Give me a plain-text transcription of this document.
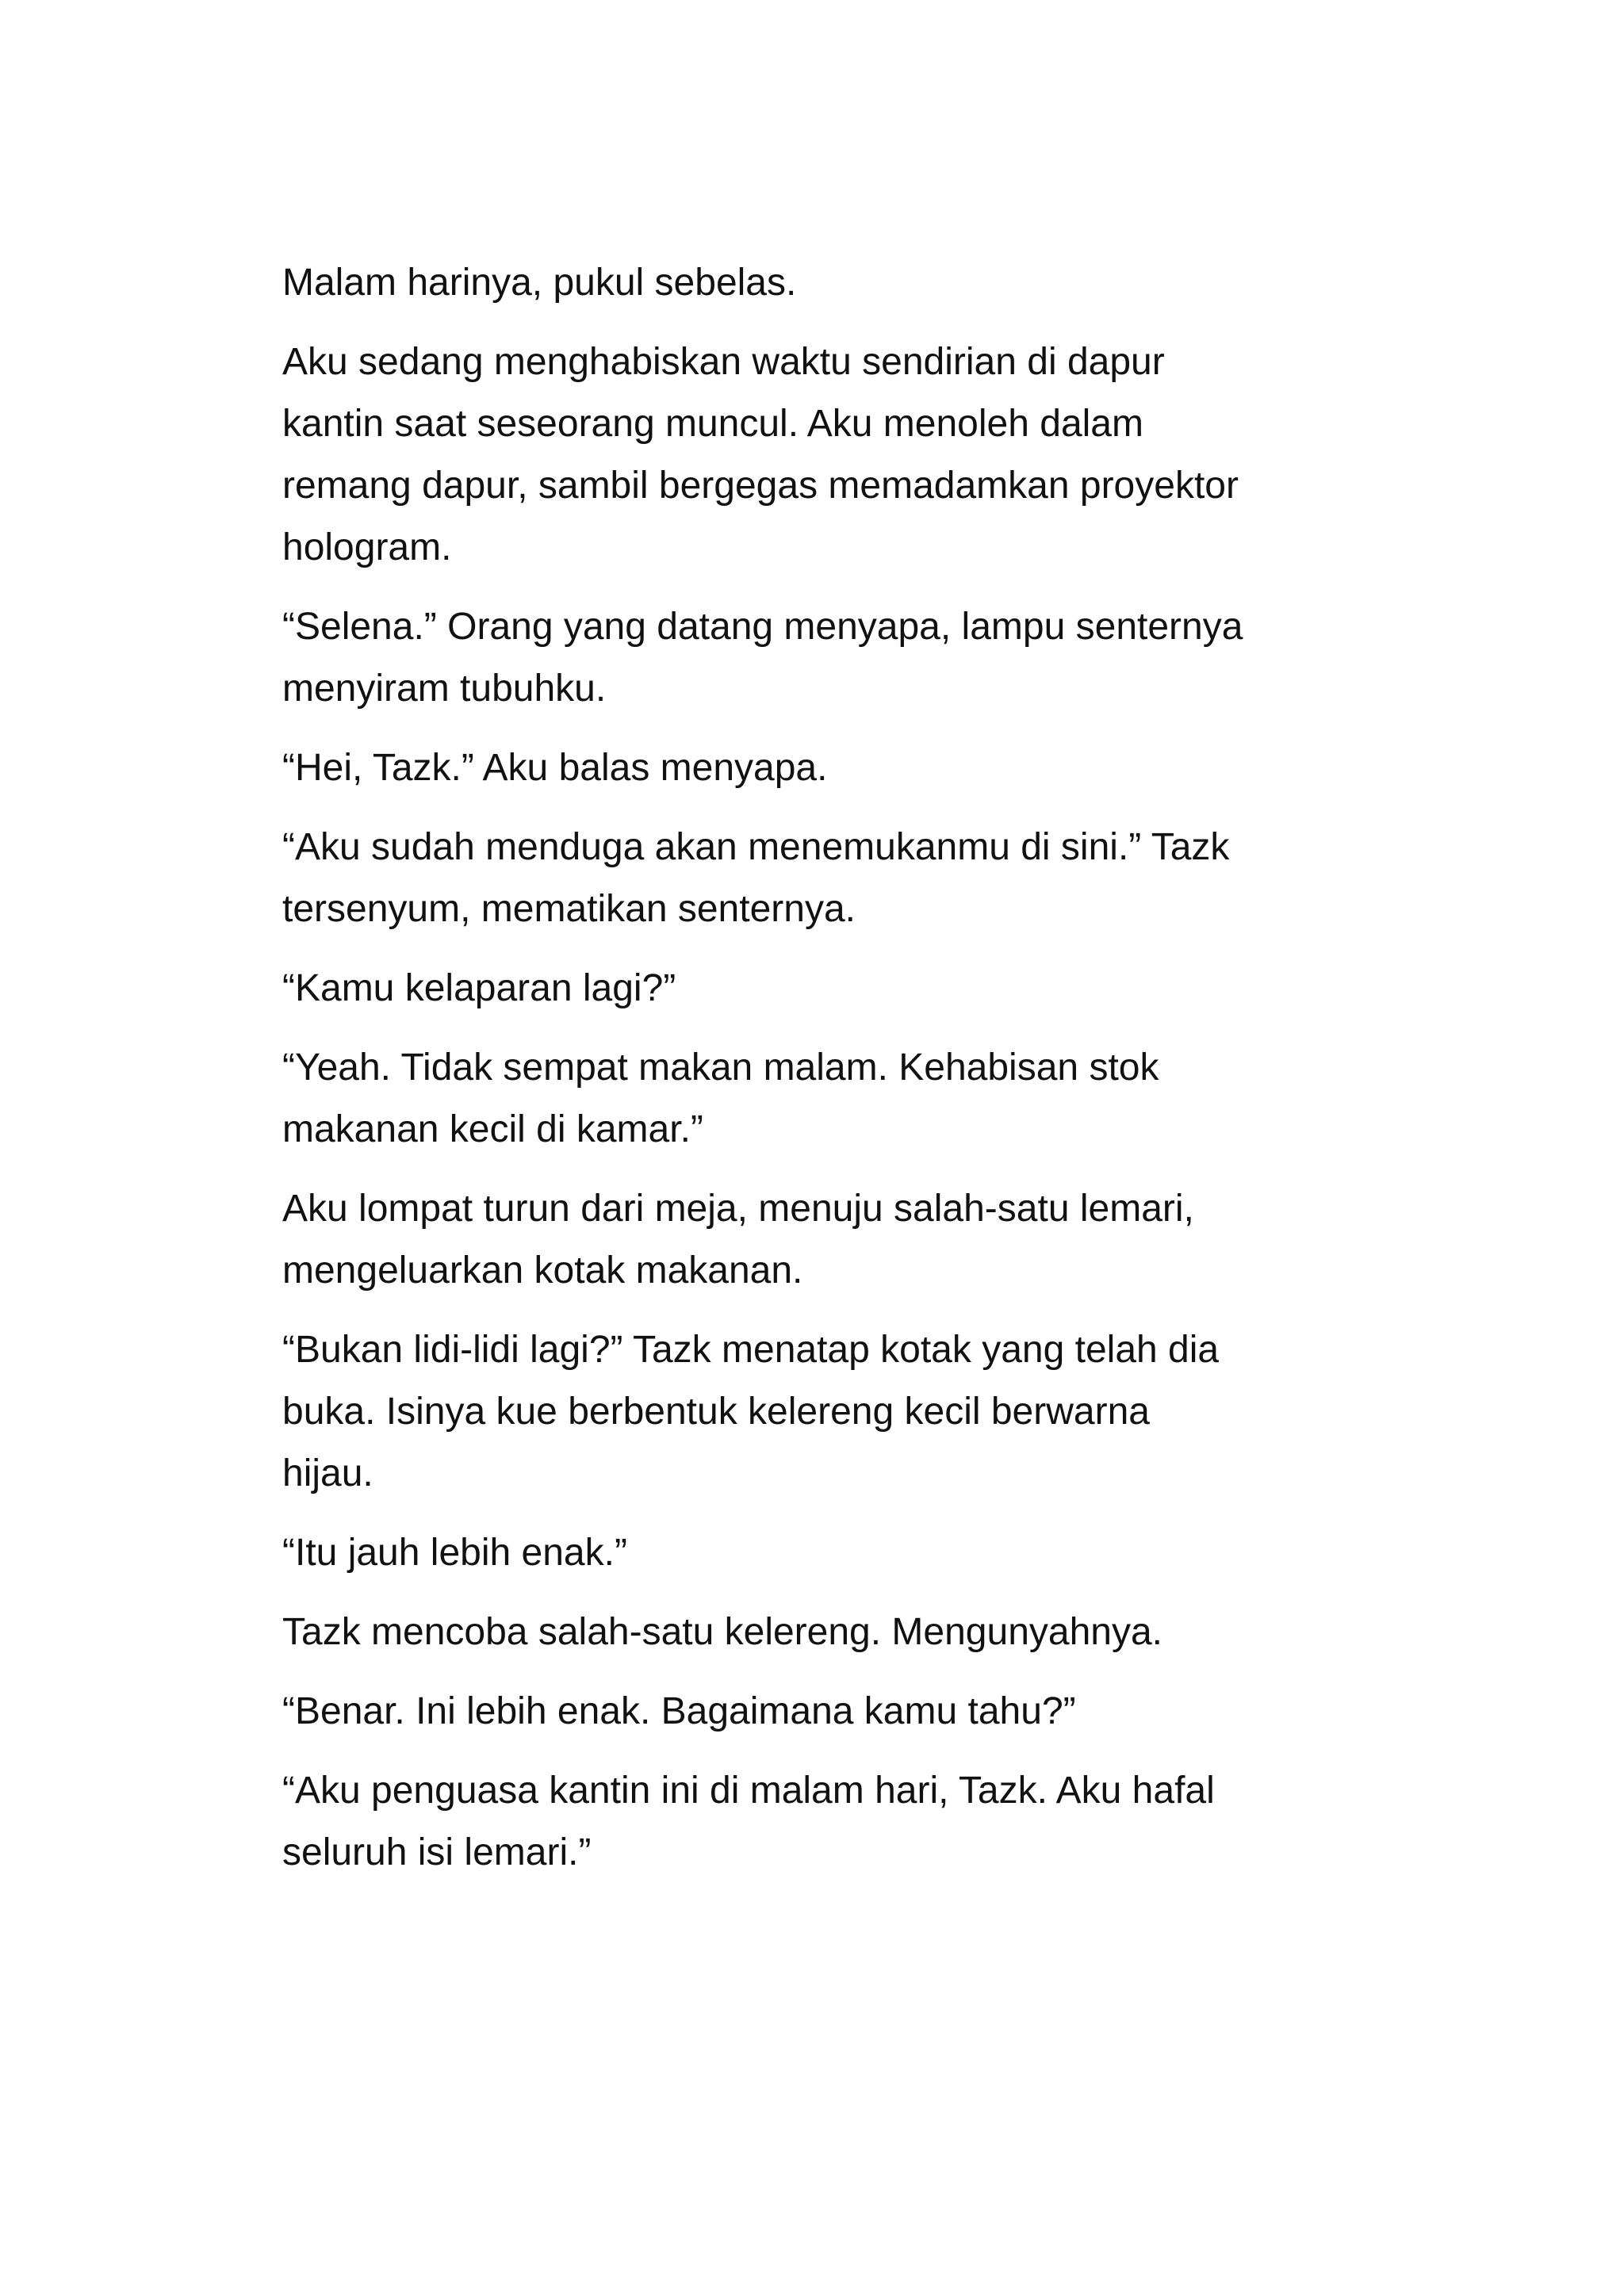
Malam harinya, pukul sebelas.

Aku sedang menghabiskan waktu sendirian di dapur
kantin saat seseorang muncul. Aku menoleh dalam
remang dapur, sambil bergegas memadamkan proyektor
hologram.

“Selena.” Orang yang datang menyapa, lampu senternya
menyiram tubuhku.

“Hei, Tazk.” Aku balas menyapa.

“Aku sudah menduga akan menemukanmu di sini.” Tazk
tersenyum, mematikan senternya.

“Kamu kelaparan lagi?”

“Yeah. Tidak sempat makan malam. Kehabisan stok
makanan kecil di kamar.”

Aku lompat turun dari meja, menuju salah-satu lemari,
mengeluarkan kotak makanan.

“Bukan lidi-lidi lagi?” Tazk menatap kotak yang telah dia
buka. Isinya kue berbentuk kelereng kecil berwarna
hijau.

“Itu jauh lebih enak.”

Tazk mencoba salah-satu kelereng. Mengunyahnya.

“Benar. Ini lebih enak. Bagaimana kamu tahu?”

“Aku penguasa kantin ini di malam hari, Tazk. Aku hafal
seluruh isi lemari.”
